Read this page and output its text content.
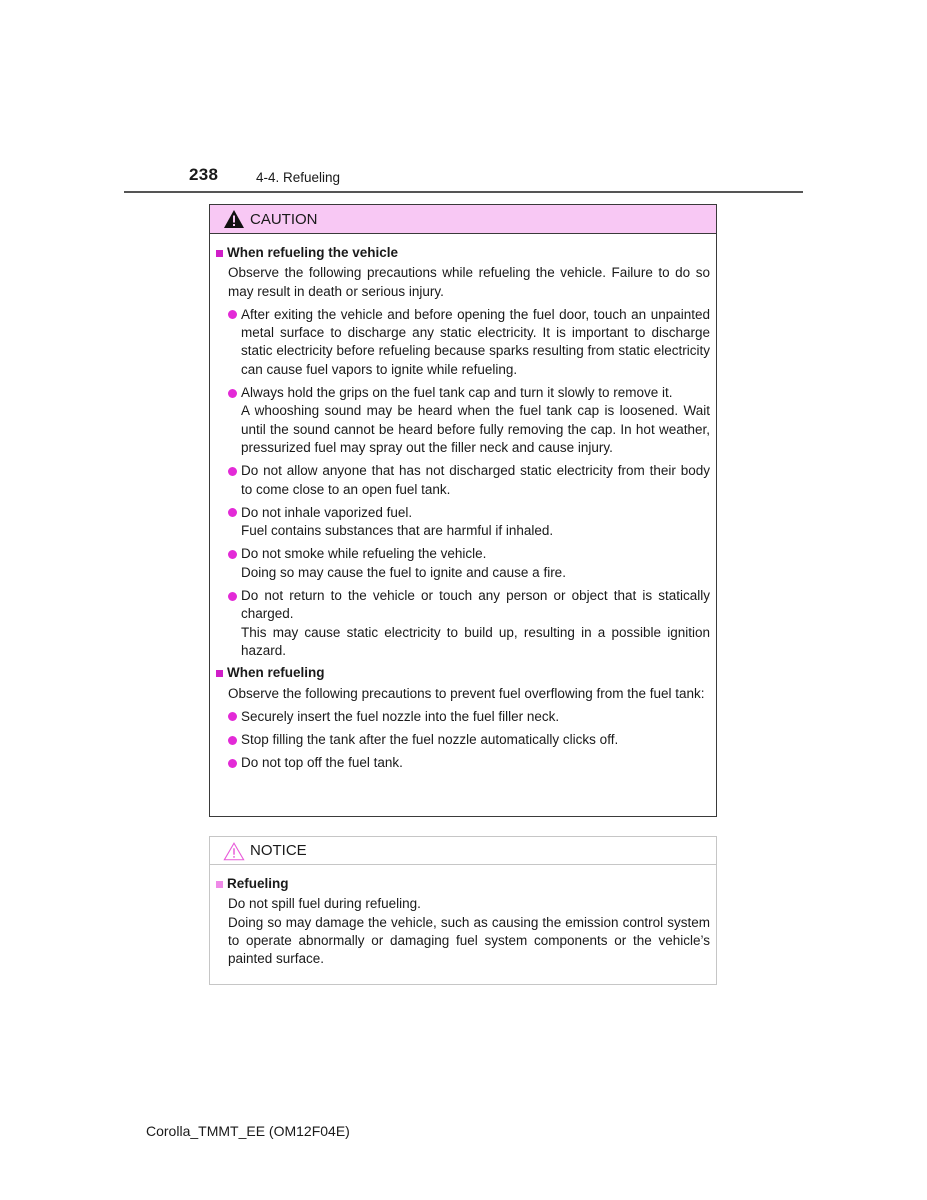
238	4-4. Refueling
CAUTION
When refueling the vehicle
Observe the following precautions while refueling the vehicle. Failure to do so may result in death or serious injury.
After exiting the vehicle and before opening the fuel door, touch an unpainted metal surface to discharge any static electricity. It is important to discharge static electricity before refueling because sparks resulting from static electricity can cause fuel vapors to ignite while refueling.
Always hold the grips on the fuel tank cap and turn it slowly to remove it.
A whooshing sound may be heard when the fuel tank cap is loosened. Wait until the sound cannot be heard before fully removing the cap. In hot weather, pressurized fuel may spray out the filler neck and cause injury.
Do not allow anyone that has not discharged static electricity from their body to come close to an open fuel tank.
Do not inhale vaporized fuel.
Fuel contains substances that are harmful if inhaled.
Do not smoke while refueling the vehicle.
Doing so may cause the fuel to ignite and cause a fire.
Do not return to the vehicle or touch any person or object that is statically charged.
This may cause static electricity to build up, resulting in a possible ignition hazard.
When refueling
Observe the following precautions to prevent fuel overflowing from the fuel tank:
Securely insert the fuel nozzle into the fuel filler neck.
Stop filling the tank after the fuel nozzle automatically clicks off.
Do not top off the fuel tank.
NOTICE
Refueling
Do not spill fuel during refueling.
Doing so may damage the vehicle, such as causing the emission control system to operate abnormally or damaging fuel system components or the vehicle’s painted surface.
Corolla_TMMT_EE (OM12F04E)
